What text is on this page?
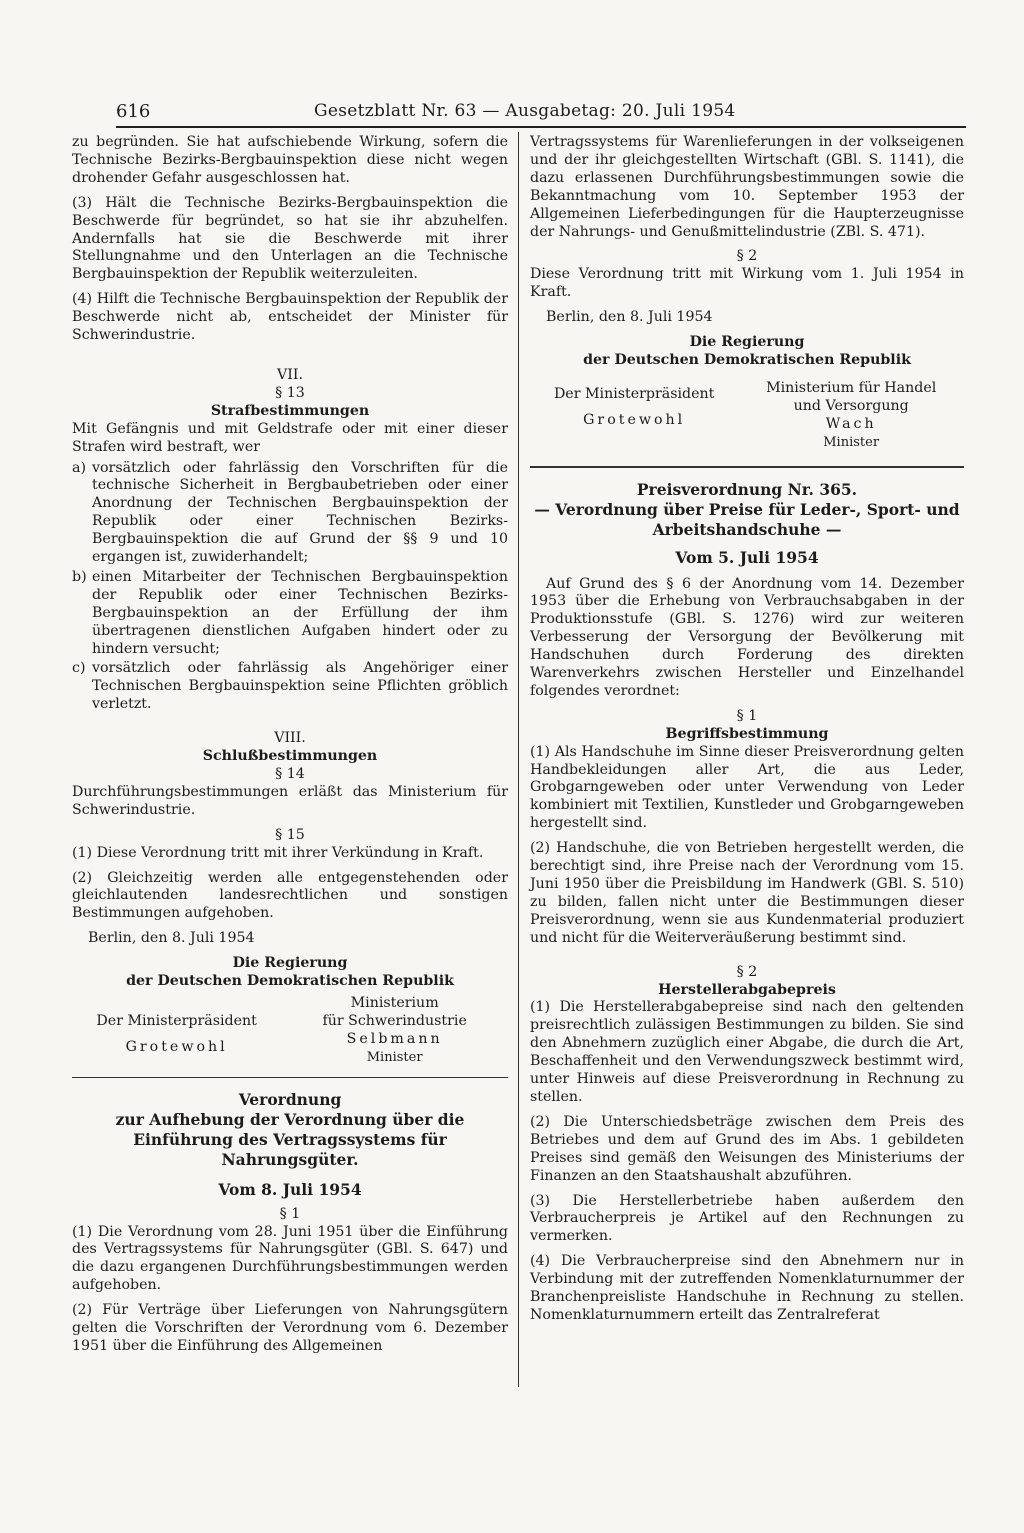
616	Gesetzblatt Nr. 63 — Ausgabetag: 20. Juli 1954

zu begründen. Sie hat aufschiebende Wirkung, sofern die Technische Bezirks-Bergbauinspektion diese nicht wegen drohender Gefahr ausgeschlossen hat.

(3) Hält die Technische Bezirks-Bergbauinspektion die Beschwerde für begründet, so hat sie ihr abzuhelfen. Andernfalls hat sie die Beschwerde mit ihrer Stellungnahme und den Unterlagen an die Technische Bergbauinspektion der Republik weiterzuleiten.

(4) Hilft die Technische Bergbauinspektion der Republik der Beschwerde nicht ab, entscheidet der Minister für Schwerindustrie.

VII.
§ 13
Strafbestimmungen

Mit Gefängnis und mit Geldstrafe oder mit einer dieser Strafen wird bestraft, wer

a) vorsätzlich oder fahrlässig den Vorschriften für die technische Sicherheit in Bergbaubetrieben oder einer Anordnung der Technischen Bergbauinspektion der Republik oder einer Technischen Bezirks-Bergbauinspektion die auf Grund der §§ 9 und 10 ergangen ist, zuwiderhandelt;
b) einen Mitarbeiter der Technischen Bergbauinspektion der Republik oder einer Technischen Bezirks-Bergbauinspektion an der Erfüllung der ihm übertragenen dienstlichen Aufgaben hindert oder zu hindern versucht;
c) vorsätzlich oder fahrlässig als Angehöriger einer Technischen Bergbauinspektion seine Pflichten gröblich verletzt.
VIII.
Schlußbestimmungen
§ 14

Durchführungsbestimmungen erläßt das Ministerium für Schwerindustrie.

§ 15

(1) Diese Verordnung tritt mit ihrer Verkündung in Kraft.

(2) Gleichzeitig werden alle entgegenstehenden oder gleichlautenden landesrechtlichen und sonstigen Bestimmungen aufgehoben.

Berlin, den 8. Juli 1954

Die Regierung
der Deutschen Demokratischen Republik
Der Ministerpräsident
Grotewohl
Ministerium
für Schwerindustrie
Selbmann
Minister
Verordnung
zur Aufhebung der Verordnung über die Einführung des Vertragssystems für Nahrungsgüter.
Vom 8. Juli 1954
§ 1

(1) Die Verordnung vom 28. Juni 1951 über die Einführung des Vertragssystems für Nahrungsgüter (GBl. S. 647) und die dazu ergangenen Durchführungsbestimmungen werden aufgehoben.

(2) Für Verträge über Lieferungen von Nahrungsgütern gelten die Vorschriften der Verordnung vom 6. Dezember 1951 über die Einführung des Allgemeinen

Vertragssystems für Warenlieferungen in der volkseigenen und der ihr gleichgestellten Wirtschaft (GBl. S. 1141), die dazu erlassenen Durchführungsbestimmungen sowie die Bekanntmachung vom 10. September 1953 der Allgemeinen Lieferbedingungen für die Haupterzeugnisse der Nahrungs- und Genußmittelindustrie (ZBl. S. 471).

§ 2

Diese Verordnung tritt mit Wirkung vom 1. Juli 1954 in Kraft.

Berlin, den 8. Juli 1954

Die Regierung
der Deutschen Demokratischen Republik
Der Ministerpräsident
Grotewohl
Ministerium für Handel
und Versorgung
Wach
Minister
Preisverordnung Nr. 365.
— Verordnung über Preise für Leder-, Sport- und Arbeitshandschuhe —
Vom 5. Juli 1954

Auf Grund des § 6 der Anordnung vom 14. Dezember 1953 über die Erhebung von Verbrauchsabgaben in der Produktionsstufe (GBl. S. 1276) wird zur weiteren Verbesserung der Versorgung der Bevölkerung mit Handschuhen durch Forderung des direkten Warenverkehrs zwischen Hersteller und Einzelhandel folgendes verordnet:

§ 1
Begriffsbestimmung

(1) Als Handschuhe im Sinne dieser Preisverordnung gelten Handbekleidungen aller Art, die aus Leder, Grobgarngeweben oder unter Verwendung von Leder kombiniert mit Textilien, Kunstleder und Grobgarngeweben hergestellt sind.

(2) Handschuhe, die von Betrieben hergestellt werden, die berechtigt sind, ihre Preise nach der Verordnung vom 15. Juni 1950 über die Preisbildung im Handwerk (GBl. S. 510) zu bilden, fallen nicht unter die Bestimmungen dieser Preisverordnung, wenn sie aus Kundenmaterial produziert und nicht für die Weiterveräußerung bestimmt sind.

§ 2
Herstellerabgabepreis

(1) Die Herstellerabgabepreise sind nach den geltenden preisrechtlich zulässigen Bestimmungen zu bilden. Sie sind den Abnehmern zuzüglich einer Abgabe, die durch die Art, Beschaffenheit und den Verwendungszweck bestimmt wird, unter Hinweis auf diese Preisverordnung in Rechnung zu stellen.

(2) Die Unterschiedsbeträge zwischen dem Preis des Betriebes und dem auf Grund des im Abs. 1 gebildeten Preises sind gemäß den Weisungen des Ministeriums der Finanzen an den Staatshaushalt abzuführen.

(3) Die Herstellerbetriebe haben außerdem den Verbraucherpreis je Artikel auf den Rechnungen zu vermerken.

(4) Die Verbraucherpreise sind den Abnehmern nur in Verbindung mit der zutreffenden Nomenklaturnummer der Branchenpreisliste Handschuhe in Rechnung zu stellen. Nomenklaturnummern erteilt das Zentralreferat
